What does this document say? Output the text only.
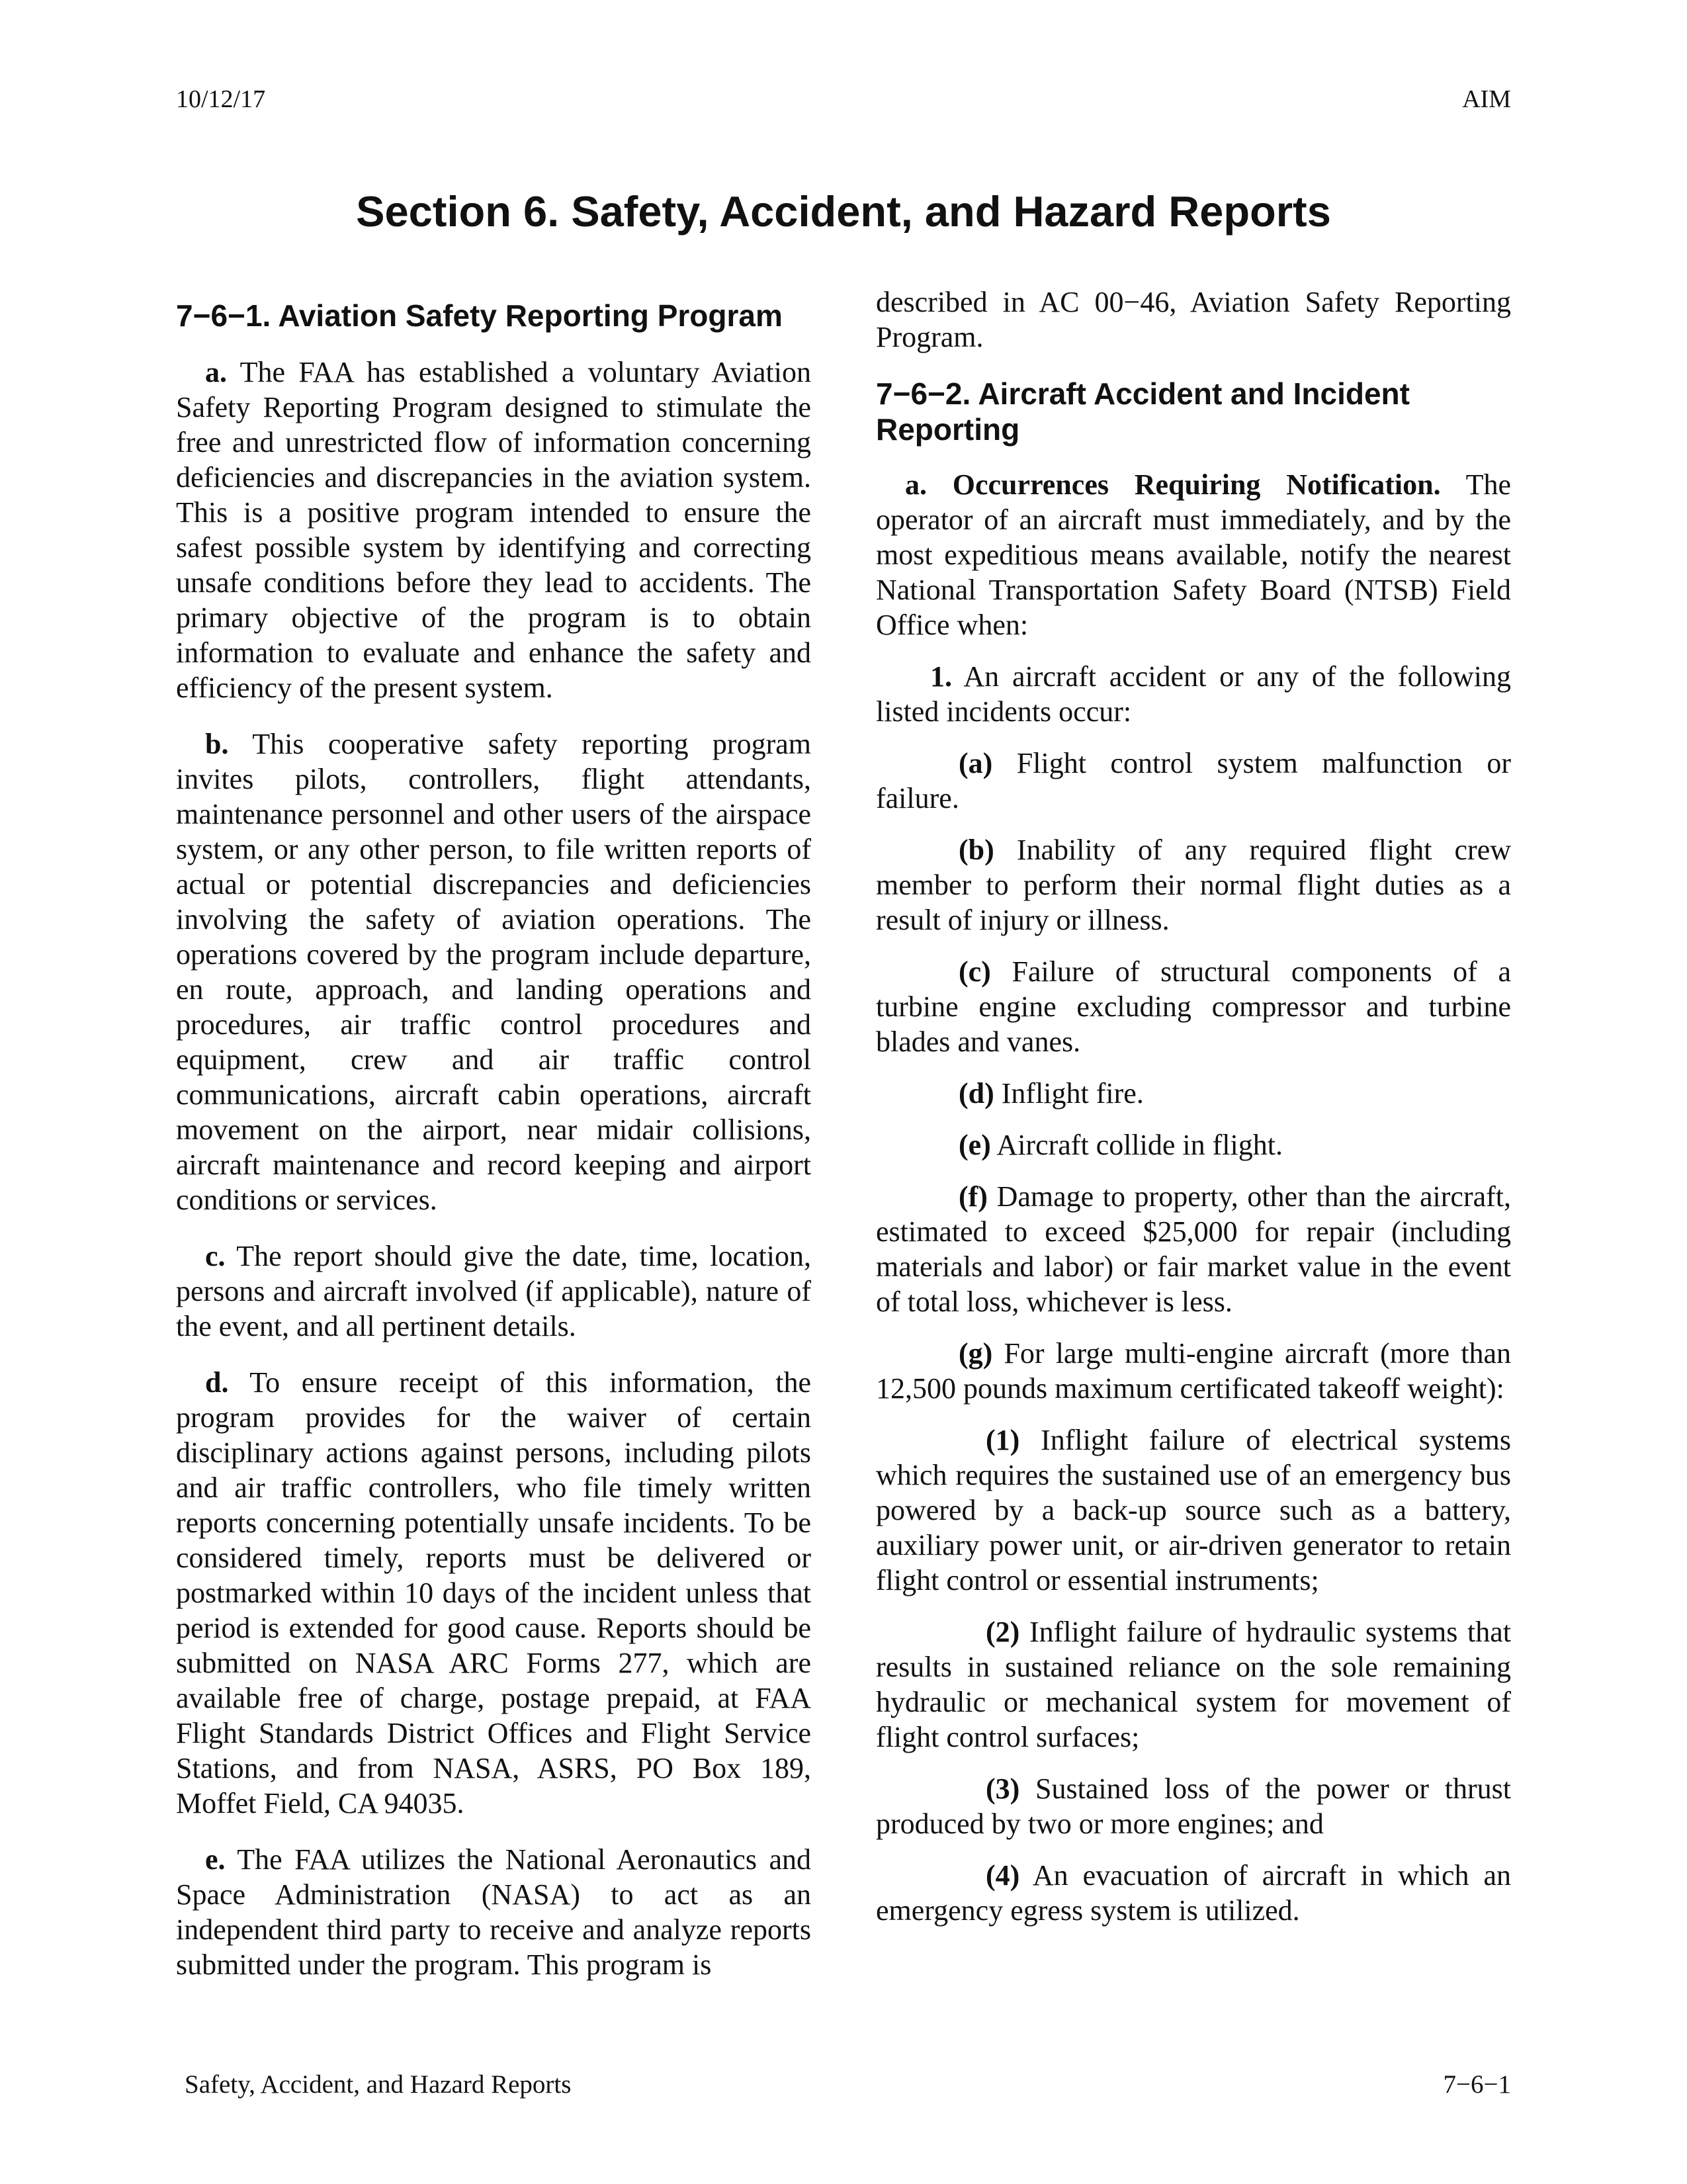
10/12/17	AIM
Section 6. Safety, Accident, and Hazard Reports
7−6−1. Aviation Safety Reporting Program

a. The FAA has established a voluntary Aviation Safety Reporting Program designed to stimulate the free and unrestricted flow of information concerning deficiencies and discrepancies in the aviation system. This is a positive program intended to ensure the safest possible system by identifying and correcting unsafe conditions before they lead to accidents. The primary objective of the program is to obtain information to evaluate and enhance the safety and efficiency of the present system.

b. This cooperative safety reporting program invites pilots, controllers, flight attendants, maintenance personnel and other users of the airspace system, or any other person, to file written reports of actual or potential discrepancies and deficiencies involving the safety of aviation operations. The operations covered by the program include departure, en route, approach, and landing operations and procedures, air traffic control procedures and equipment, crew and air traffic control communications, aircraft cabin operations, aircraft movement on the airport, near midair collisions, aircraft maintenance and record keeping and airport conditions or services.

c. The report should give the date, time, location, persons and aircraft involved (if applicable), nature of the event, and all pertinent details.

d. To ensure receipt of this information, the program provides for the waiver of certain disciplinary actions against persons, including pilots and air traffic controllers, who file timely written reports concerning potentially unsafe incidents. To be considered timely, reports must be delivered or postmarked within 10 days of the incident unless that period is extended for good cause. Reports should be submitted on NASA ARC Forms 277, which are available free of charge, postage prepaid, at FAA Flight Standards District Offices and Flight Service Stations, and from NASA, ASRS, PO Box 189, Moffet Field, CA 94035.

e. The FAA utilizes the National Aeronautics and Space Administration (NASA) to act as an independent third party to receive and analyze reports submitted under the program. This program is

described in AC 00−46, Aviation Safety Reporting Program.

7−6−2. Aircraft Accident and Incident Reporting

a. Occurrences Requiring Notification. The operator of an aircraft must immediately, and by the most expeditious means available, notify the nearest National Transportation Safety Board (NTSB) Field Office when:

1. An aircraft accident or any of the following listed incidents occur:

(a) Flight control system malfunction or failure.

(b) Inability of any required flight crew member to perform their normal flight duties as a result of injury or illness.

(c) Failure of structural components of a turbine engine excluding compressor and turbine blades and vanes.

(d) Inflight fire.

(e) Aircraft collide in flight.

(f) Damage to property, other than the aircraft, estimated to exceed $25,000 for repair (including materials and labor) or fair market value in the event of total loss, whichever is less.

(g) For large multi-engine aircraft (more than 12,500 pounds maximum certificated takeoff weight):

(1) Inflight failure of electrical systems which requires the sustained use of an emergency bus powered by a back-up source such as a battery, auxiliary power unit, or air-driven generator to retain flight control or essential instruments;

(2) Inflight failure of hydraulic systems that results in sustained reliance on the sole remaining hydraulic or mechanical system for movement of flight control surfaces;

(3) Sustained loss of the power or thrust produced by two or more engines; and

(4) An evacuation of aircraft in which an emergency egress system is utilized.

Safety, Accident, and Hazard Reports	7−6−1
